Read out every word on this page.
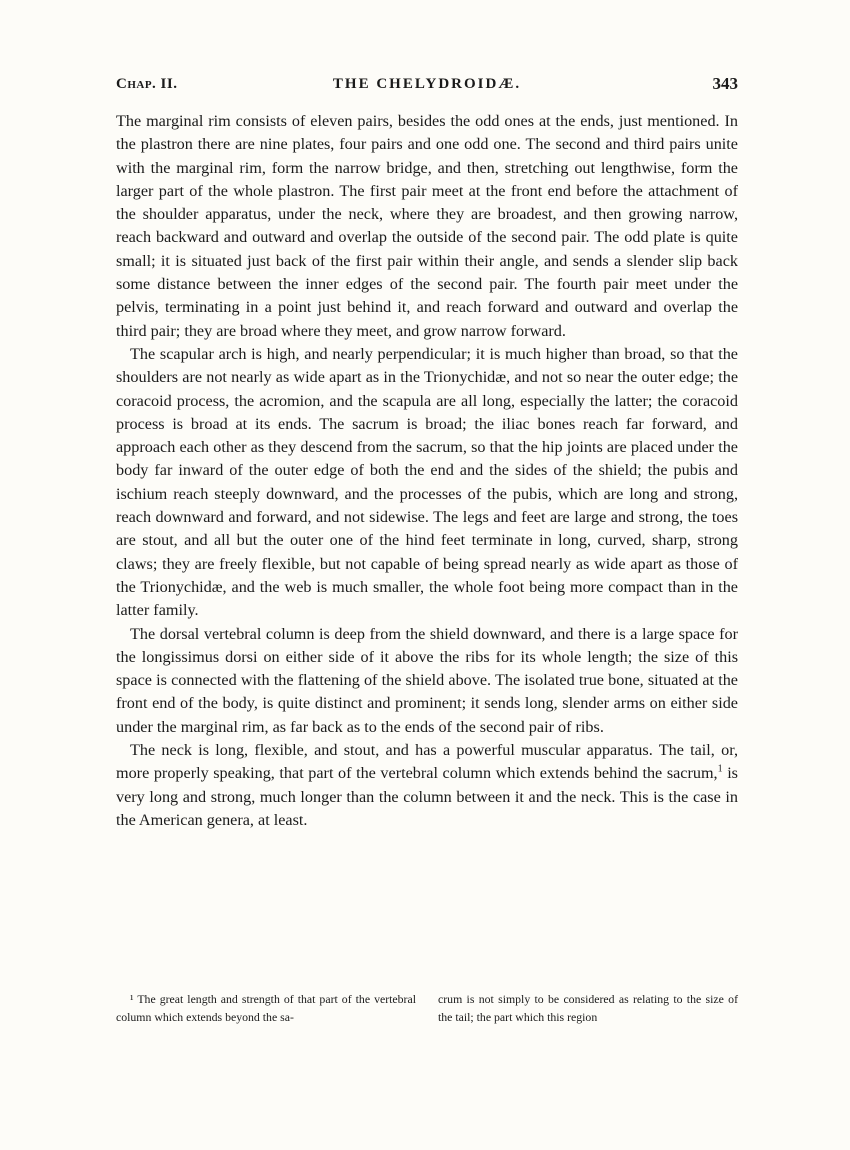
Chap. II.	THE CHELYDROIDÆ.	343

The marginal rim consists of eleven pairs, besides the odd ones at the ends, just mentioned. In the plastron there are nine plates, four pairs and one odd one. The second and third pairs unite with the marginal rim, form the narrow bridge, and then, stretching out lengthwise, form the larger part of the whole plastron. The first pair meet at the front end before the attachment of the shoulder apparatus, under the neck, where they are broadest, and then growing narrow, reach backward and outward and overlap the outside of the second pair. The odd plate is quite small; it is situated just back of the first pair within their angle, and sends a slender slip back some distance between the inner edges of the second pair. The fourth pair meet under the pelvis, terminating in a point just behind it, and reach forward and outward and overlap the third pair; they are broad where they meet, and grow narrow forward.

The scapular arch is high, and nearly perpendicular; it is much higher than broad, so that the shoulders are not nearly as wide apart as in the Trionychidæ, and not so near the outer edge; the coracoid process, the acromion, and the scapula are all long, especially the latter; the coracoid process is broad at its ends. The sacrum is broad; the iliac bones reach far forward, and approach each other as they descend from the sacrum, so that the hip joints are placed under the body far inward of the outer edge of both the end and the sides of the shield; the pubis and ischium reach steeply downward, and the processes of the pubis, which are long and strong, reach downward and forward, and not sidewise. The legs and feet are large and strong, the toes are stout, and all but the outer one of the hind feet terminate in long, curved, sharp, strong claws; they are freely flexible, but not capable of being spread nearly as wide apart as those of the Trionychidæ, and the web is much smaller, the whole foot being more compact than in the latter family.

The dorsal vertebral column is deep from the shield downward, and there is a large space for the longissimus dorsi on either side of it above the ribs for its whole length; the size of this space is connected with the flattening of the shield above. The isolated true bone, situated at the front end of the body, is quite distinct and prominent; it sends long, slender arms on either side under the marginal rim, as far back as to the ends of the second pair of ribs.

The neck is long, flexible, and stout, and has a powerful muscular apparatus. The tail, or, more properly speaking, that part of the vertebral column which extends behind the sacrum,$^1$ is very long and strong, much longer than the column between it and the neck. This is the case in the American genera, at least.

¹ The great length and strength of that part of the vertebral column which extends beyond the sa-
crum is not simply to be considered as relating to the size of the tail; the part which this region
